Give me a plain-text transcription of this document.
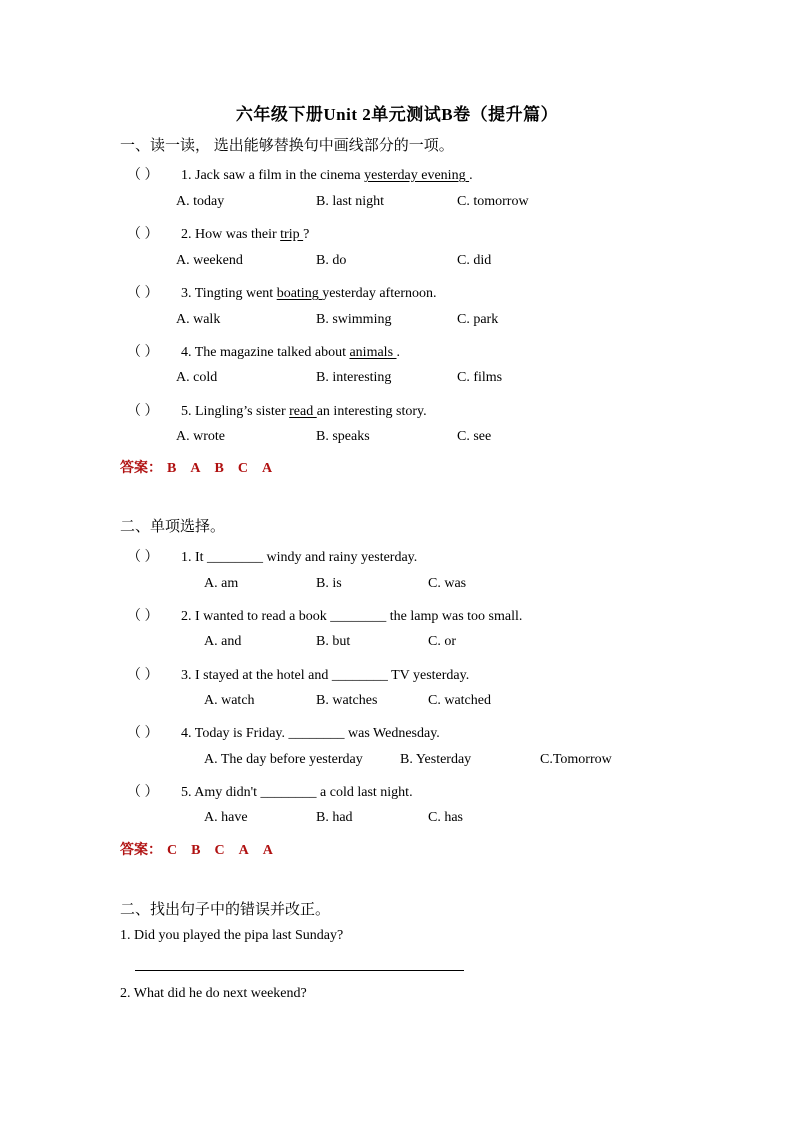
六年级下册Unit 2单元测试B卷（提升篇）
一、读一读， 选出能够替换句中画线部分的一项。
（ ） 1. Jack saw a film in the cinema yesterday evening .
A. today	B. last night	C. tomorrow
（ ） 2. How was their trip ?
A. weekend	B. do	C. did
（ ） 3. Tingting went boating yesterday afternoon.
A. walk	B. swimming	C. park
（ ） 4. The magazine talked about animals .
A. cold	B. interesting	C. films
（ ） 5. Lingling’s sister read an interesting story.
A. wrote	B. speaks	C. see
答案： B A B C A
二、单项选择。
（ ） 1. It ________ windy and rainy yesterday.
A. am	B. is	C. was
（ ） 2. I wanted to read a book ________ the lamp was too small.
A. and	B. but	C. or
（ ） 3. I stayed at the hotel and ________ TV yesterday.
A. watch	B. watches	C. watched
（ ） 4. Today is Friday. ________ was Wednesday.
A. The day before yesterday	B. Yesterday	C.Tomorrow
（ ） 5. Amy didn't ________ a cold last night.
A. have	B. had	C. has
答案： C B C A A
二、找出句子中的错误并改正。
1. Did you played the pipa last Sunday?
2. What did he do next weekend?
